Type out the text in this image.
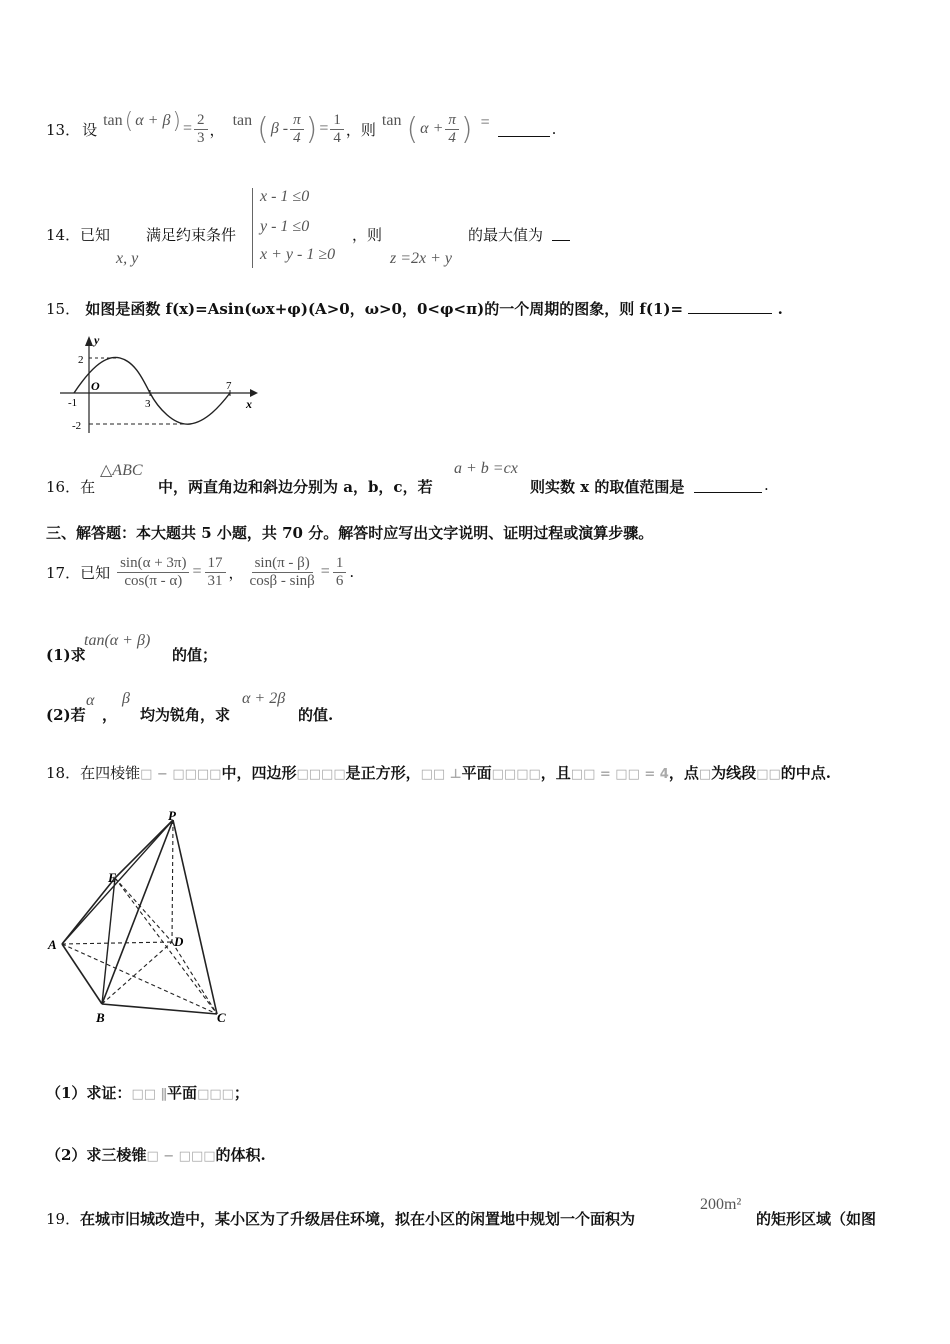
13． 设 tan ( α + β ) = $\frac{2}{3}$ ， tan ( β - $\frac{\pi}{4}$ ) = $\frac{1}{4}$ ，则 tan ( $\alpha + \frac{\pi}{4}$ ) =	.
14． 已知
x, y
满足约束条件
x - 1 ≤0
y - 1 ≤0
x + y - 1 ≥0
，则
z =2x + y
的最大值为
15． 如图是函数 f(x)=Asin(ωx+φ)(A>0，ω>0，0<φ<π)的一个周期的图象，则 f(1)=	.
y
x
O
2
-2
-1	3
7
16．在
△ABC
中，两直角边和斜边分别为 a，b，c，若
a + b =cx
则实数 x 的取值范围是	.
三、解答题：本大题共 5 小题，共 70 分。解答时应写出文字说明、证明过程或演算步骤。
17．已知 $\frac{\sin(\alpha + 3\pi)}{\cos(\pi - \alpha)} = \frac{17}{31}$ ， $\frac{\sin(\pi - \beta)}{\cos\beta - \sin\beta} = \frac{1}{6}$ .
(1)求
tan(α + β)
的值；
(2)若
α
，
β
均为锐角，求
α + 2β
的值.
18．在四棱锥□ − □□□□中，四边形□□□□是正方形，□□ ⊥平面□□□□，且□□ = □□ = 4，点□为线段□□的中点.
P
E
A	D
B	C
（1）求证：□□ ∥平面□□□；
（2）求三棱锥□ − □□□的体积.
19． 在城市旧城改造中，某小区为了升级居住环境，拟在小区的闲置地中规划一个面积为
200m²
的矩形区域（如图
